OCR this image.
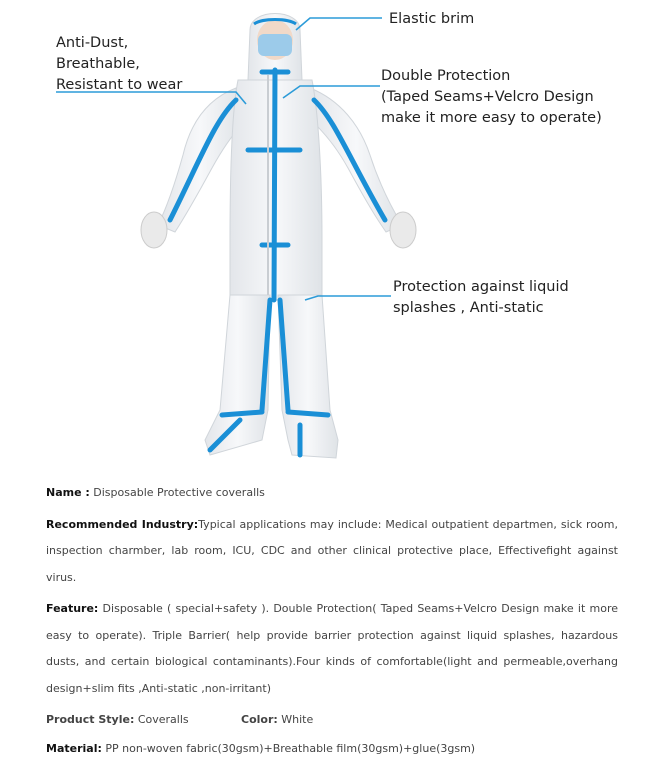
Elastic brim
Anti-Dust,
Breathable,
Resistant to wear
Double Protection
(Taped Seams+Velcro Design
make it more easy to operate)
Protection against liquid
splashes , Anti-static

Name : Disposable Protective coveralls

Recommended Industry:Typical applications may include: Medical outpatient departmen, sick room, inspection charmber, lab room, ICU, CDC and other clinical protective place, Effectivefight against virus.

Feature: Disposable ( special+safety ). Double Protection( Taped Seams+Velcro Design make it more easy to operate). Triple Barrier( help provide barrier protection against liquid splashes, hazardous dusts, and certain biological contaminants).Four kinds of comfortable(light and permeable,overhang design+slim fits ,Anti-static ,non-irritant)

Product Style: Coveralls	Color: White

Material: PP non-woven fabric(30gsm)+Breathable film(30gsm)+glue(3gsm)
